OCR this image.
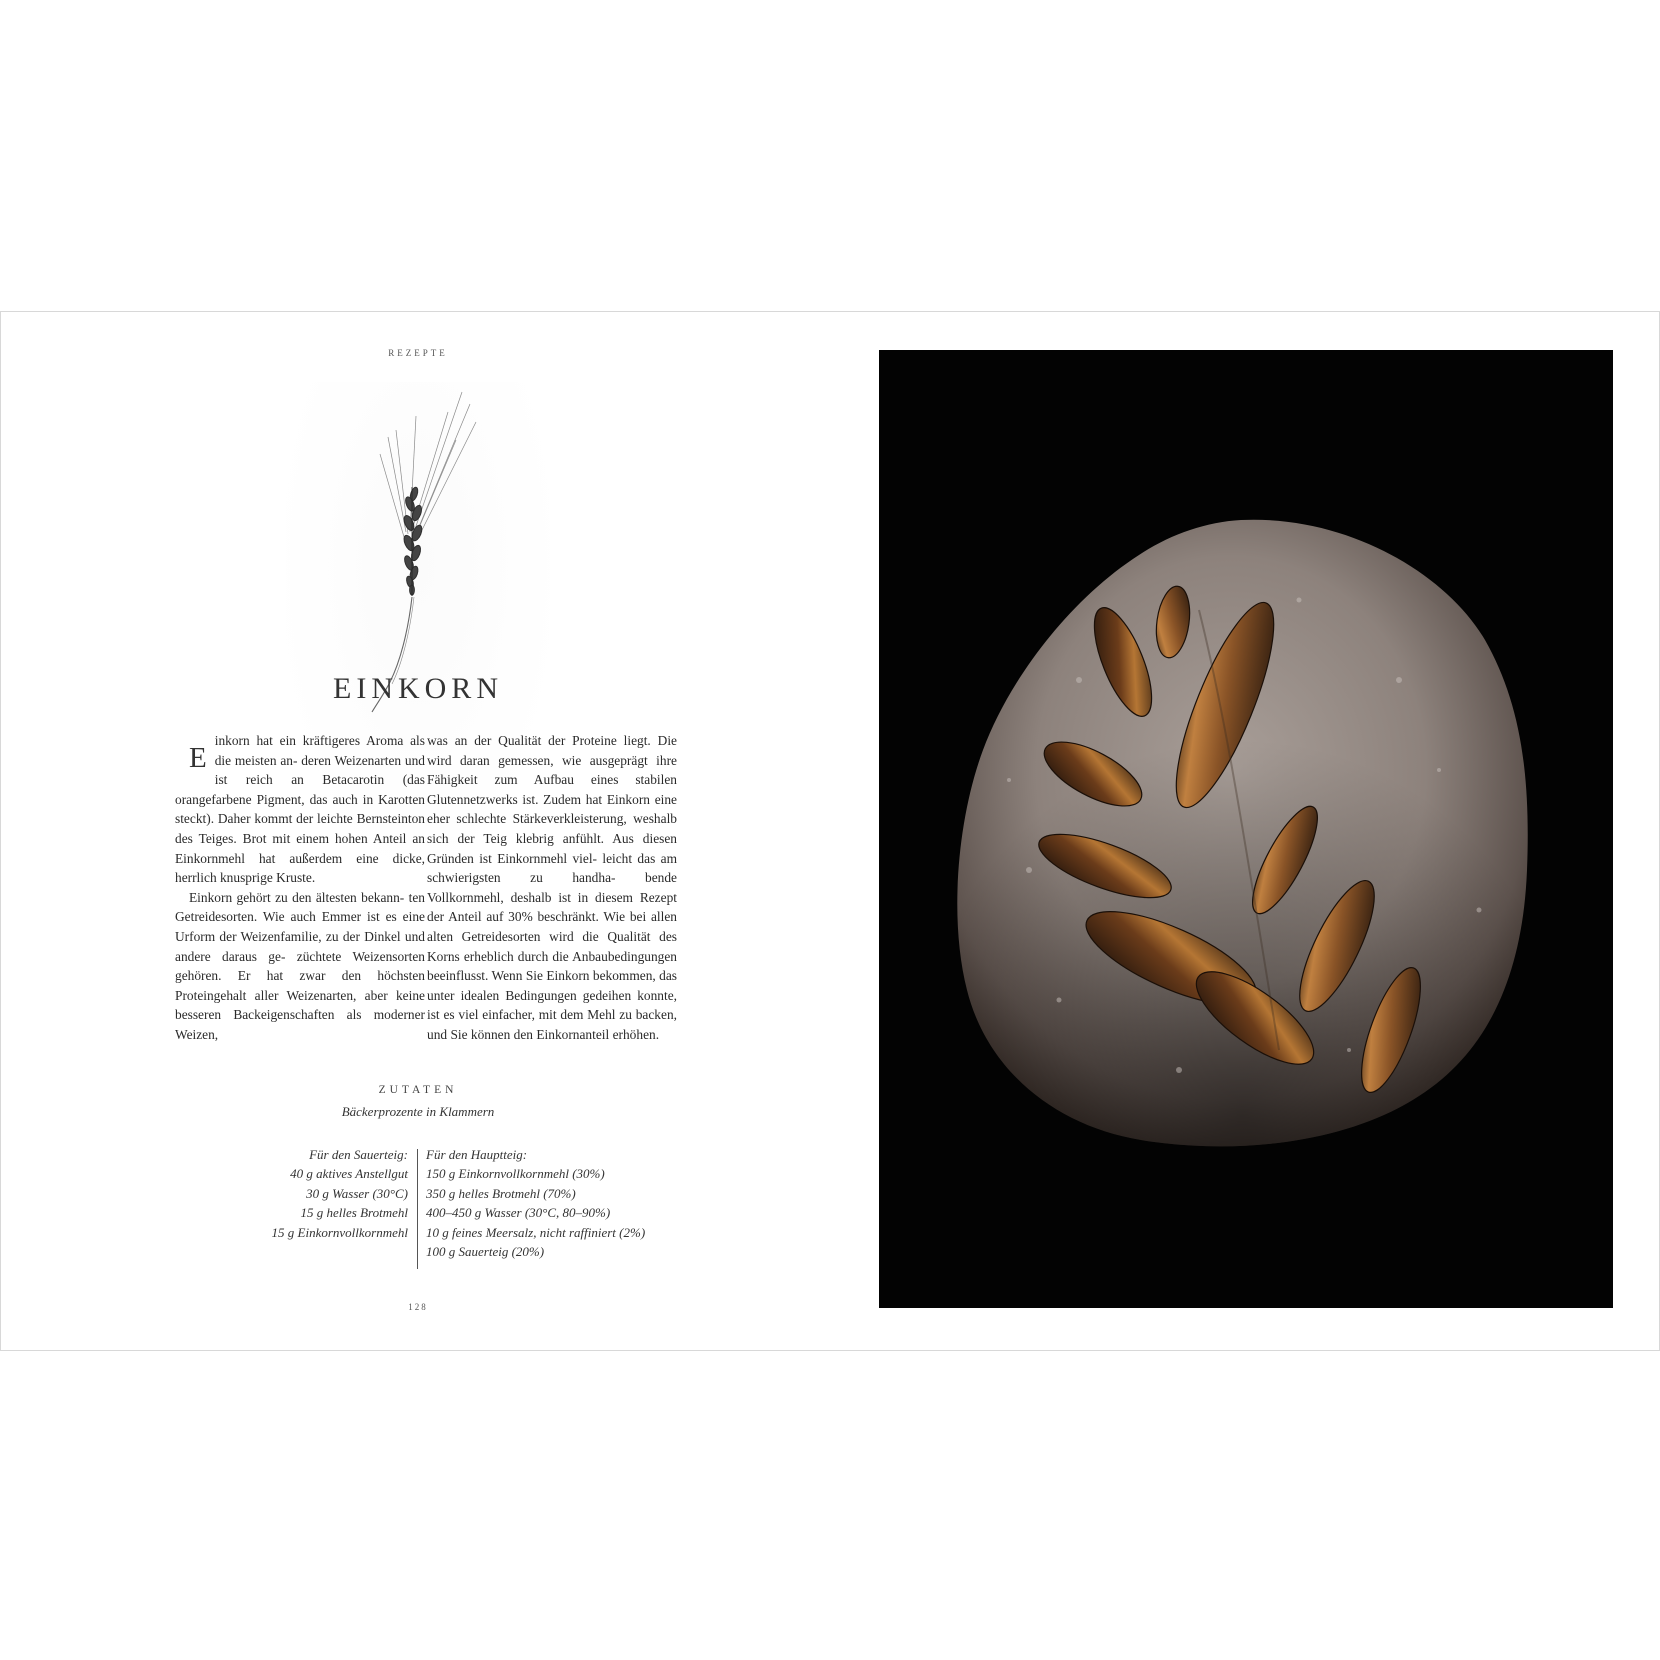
REZEPTE
EINKORN

E
inkorn hat ein kräftigeres Aroma als die meisten an- deren Weizenarten und ist reich an Betacarotin (das orangefarbene Pigment, das auch in Karotten steckt). Daher kommt der leichte Bernsteinton des Teiges. Brot mit einem hohen Anteil an Einkornmehl hat außerdem eine dicke, herrlich knusprige Kruste.

Einkorn gehört zu den ältesten bekann- ten Getreidesorten. Wie auch Emmer ist es eine Urform der Weizenfamilie, zu der Dinkel und andere daraus ge- züchtete Weizensorten gehören. Er hat zwar den höchsten Proteingehalt aller Weizenarten, aber keine besseren Backeigenschaften als moderner Weizen,

was an der Qualität der Proteine liegt. Die wird daran gemessen, wie ausgeprägt ihre Fähigkeit zum Aufbau eines stabilen Glutennetzwerks ist. Zudem hat Einkorn eine eher schlechte Stärkeverkleisterung, weshalb sich der Teig klebrig anfühlt. Aus diesen Gründen ist Einkornmehl viel- leicht das am schwierigsten zu handha- bende Vollkornmehl, deshalb ist in diesem Rezept der Anteil auf 30% beschränkt. Wie bei allen alten Getreidesorten wird die Qualität des Korns erheblich durch die Anbaubedingungen beeinflusst. Wenn Sie Einkorn bekommen, das unter idealen Bedingungen gedeihen konnte, ist es viel einfacher, mit dem Mehl zu backen, und Sie können den Einkornanteil erhöhen.

ZUTATEN
Bäckerprozente in Klammern
Für den Sauerteig:
40 g aktives Anstellgut
30 g Wasser (30°C)
15 g helles Brotmehl
15 g Einkornvollkornmehl
Für den Hauptteig:
150 g Einkornvollkornmehl (30%)
350 g helles Brotmehl (70%)
400–450 g Wasser (30°C, 80–90%)
10 g feines Meersalz, nicht raffiniert (2%)
100 g Sauerteig (20%)
128
